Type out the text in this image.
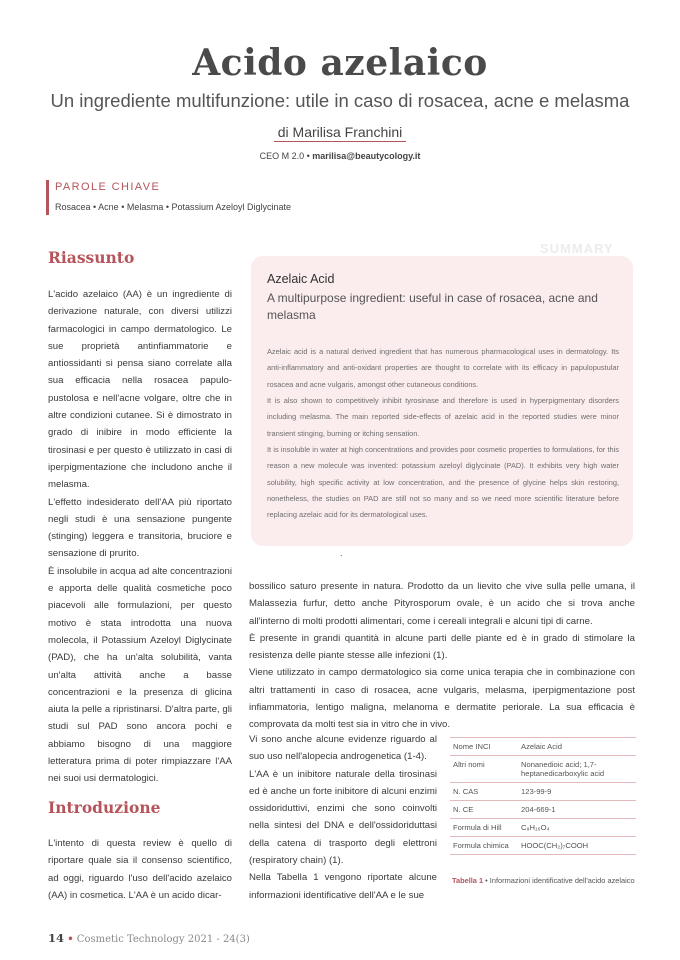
Acido azelaico
Un ingrediente multifunzione: utile in caso di rosacea, acne e melasma
di Marilisa Franchini
CEO M 2.0 • marilisa@beautycology.it
PAROLE CHIAVE
Rosacea • Acne • Melasma • Potassium Azeloyl Diglycinate
Riassunto

L'acido azelaico (AA) è un ingrediente di derivazione naturale, con diversi utilizzi farmacologici in campo dermatologico. Le sue proprietà antinfiammatorie e antiossidanti si pensa siano correlate alla sua efficacia nella rosacea papulo-pustolosa e nell'acne volgare, oltre che in altre condizioni cutanee. Si è dimostrato in grado di inibire in modo efficiente la tirosinasi e per questo è utilizzato in casi di iperpigmentazione che includono anche il melasma.

L'effetto indesiderato dell'AA più riportato negli studi è una sensazione pungente (stinging) leggera e transitoria, bruciore e sensazione di prurito.

È insolubile in acqua ad alte concentrazioni e apporta delle qualità cosmetiche poco piacevoli alle formulazioni, per questo motivo è stata introdotta una nuova molecola, il Potassium Azeloyl Diglycinate (PAD), che ha un'alta solubilità, vanta un'alta attività anche a basse concentrazioni e la presenza di glicina aiuta la pelle a ripristinarsi. D'altra parte, gli studi sul PAD sono ancora pochi e abbiamo bisogno di una maggiore letteratura prima di poter rimpiazzare l'AA nei suoi usi dermatologici.

Introduzione

L'intento di questa review è quello di riportare quale sia il consenso scientifico, ad oggi, riguardo l'uso dell'acido azelaico (AA) in cosmetica. L'AA è un acido dicar-

SUMMARY
Azelaic Acid
A multipurpose ingredient: useful in case of rosacea, acne and melasma

Azelaic acid is a natural derived ingredient that has numerous pharmacological uses in dermatology. Its anti-inflammatory and anti-oxidant properties are thought to correlate with its efficacy in papulopustular rosacea and acne vulgaris, amongst other cutaneous conditions.

It is also shown to competitively inhibit tyrosinase and therefore is used in hyperpigmentary disorders including melasma. The main reported side-effects of azelaic acid in the reported studies were minor transient stinging, burning or itching sensation.

It is insoluble in water at high concentrations and provides poor cosmetic properties to formulations, for this reason a new molecule was invented: potassium azeloyl diglycinate (PAD). It exhibits very high water solubility, high specific activity at low concentration, and the presence of glycine helps skin restoring, nonetheless, the studies on PAD are still not so many and so we need more scientific literature before replacing azelaic acid for its dermatological uses.

.

bossilico saturo presente in natura. Prodotto da un lievito che vive sulla pelle umana, il Malassezia furfur, detto anche Pityrosporum ovale, è un acido che si trova anche all'interno di molti prodotti alimentari, come i cereali integrali e alcuni tipi di carne.

È presente in grandi quantità in alcune parti delle piante ed è in grado di stimolare la resistenza delle piante stesse alle infezioni (1).

Viene utilizzato in campo dermatologico sia come unica terapia che in combinazione con altri trattamenti in caso di rosacea, acne vulgaris, melasma, iperpigmentazione post infiammatoria, lentigo maligna, melanoma e dermatite periorale. La sua efficacia è comprovata da molti test sia in vitro che in vivo.

Vi sono anche alcune evidenze riguardo al suo uso nell'alopecia androgenetica (1-4).

L'AA è un inibitore naturale della tirosinasi ed è anche un forte inibitore di alcuni enzimi ossidoriduttivi, enzimi che sono coinvolti nella sintesi del DNA e dell'ossidoriduttasi della catena di trasporto degli elettroni (respiratory chain) (1).

Nella Tabella 1 vengono riportate alcune informazioni identificative dell'AA e le sue

Nome INCI	Azelaic Acid
Altri nomi	Nonanedioic acid; 1,7-heptanedicarboxylic acid
N. CAS	123-99-9
N. CE	204-669-1
Formula di Hill	C₉H₁₆O₄
Formula chimica	HOOC(CH₂)₇COOH
Tabella 1 • Informazioni identificative dell'acido azelaico
14 • Cosmetic Technology 2021 - 24(3)
